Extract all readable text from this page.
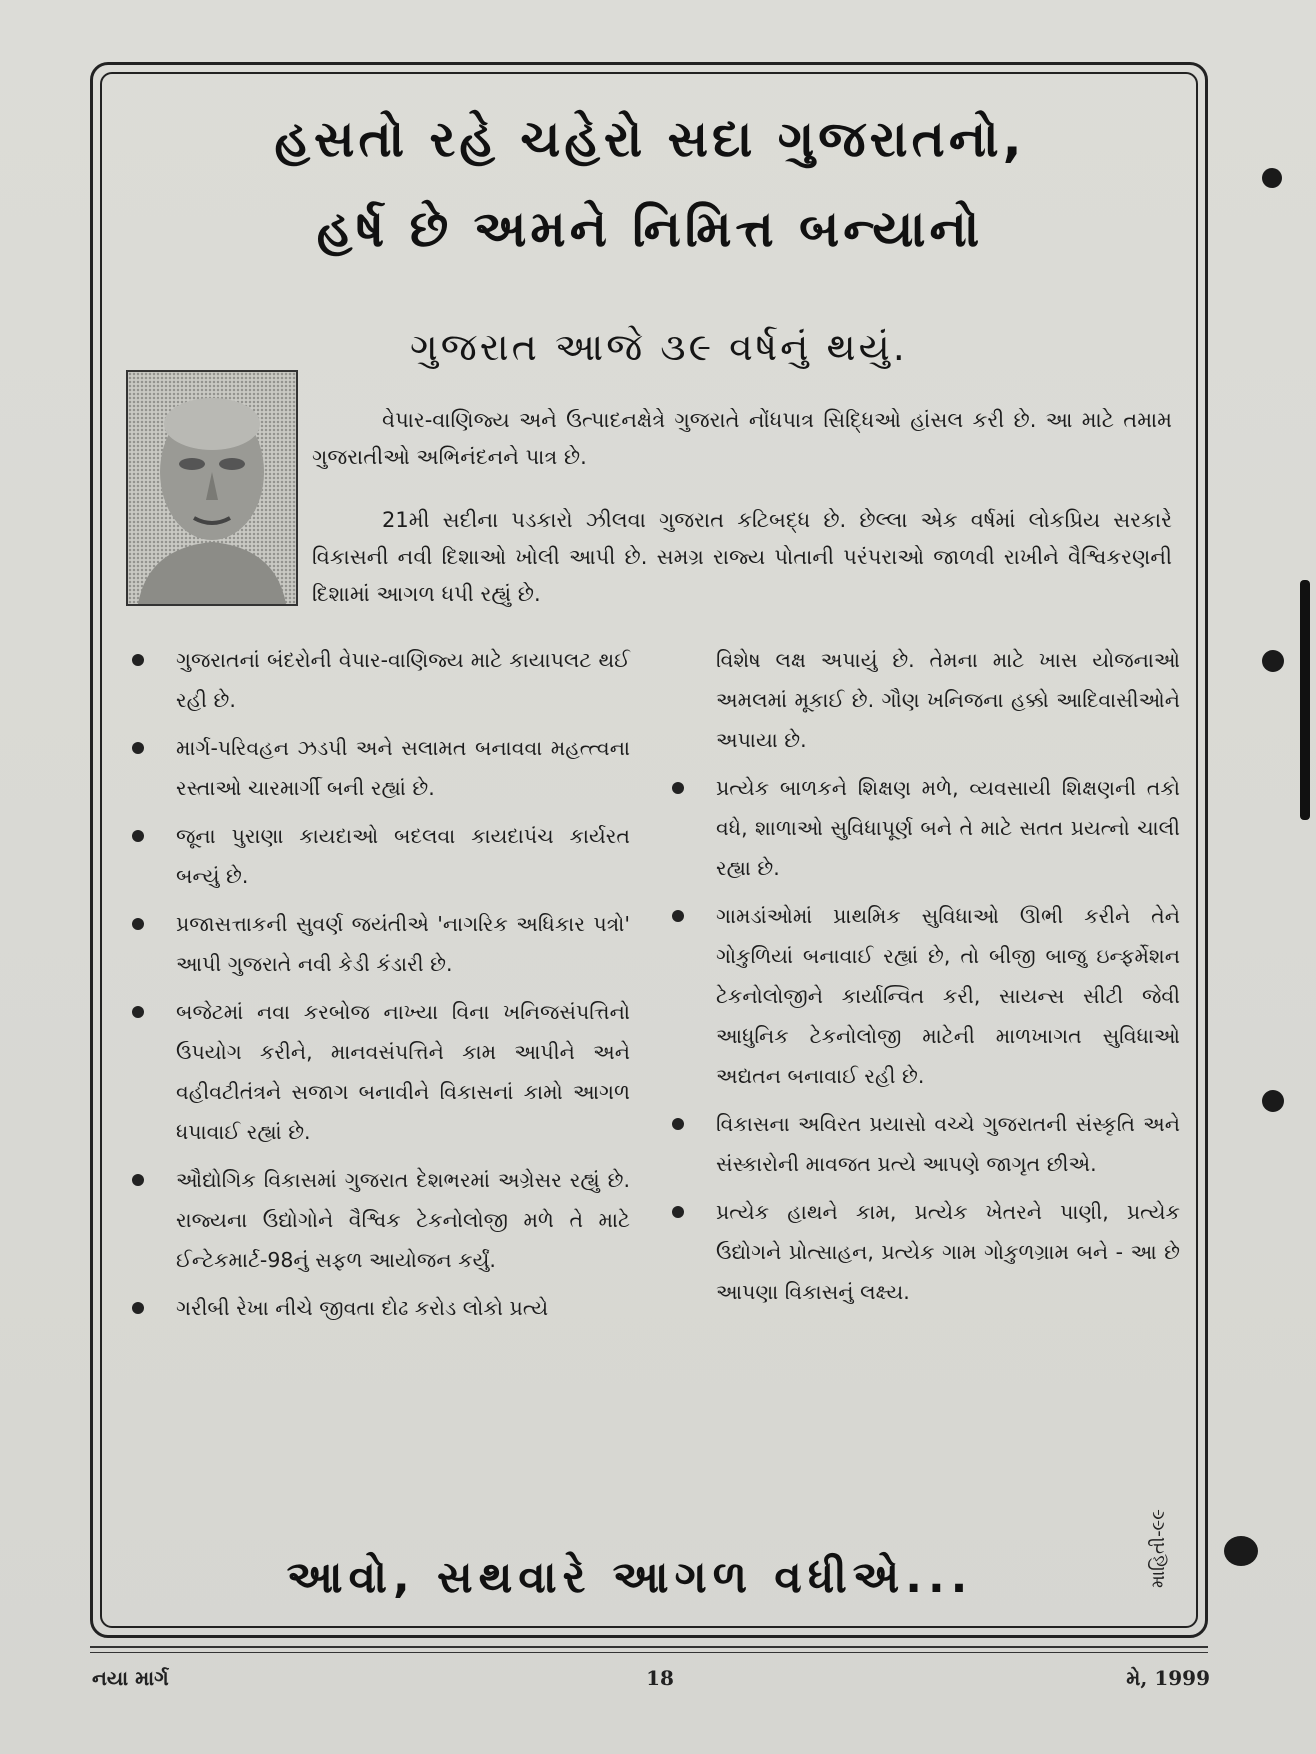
હસતો રહે ચહેરો સદા ગુજરાતનો,
હર્ષ છે અમને નિમિત્ત બન્યાનો
ગુજરાત આજે ૩૯ વર્ષનું થયું.

વેપાર-વાણિજ્ય અને ઉત્પાદનક્ષેત્રે ગુજરાતે નોંધપાત્ર સિદ્ધિઓ હાંસલ કરી છે. આ માટે તમામ ગુજરાતીઓ અભિનંદનને પાત્ર છે.

21મી સદીના પડકારો ઝીલવા ગુજરાત કટિબદ્ધ છે. છેલ્લા એક વર્ષમાં લોકપ્રિય સરકારે વિકાસની નવી દિશાઓ ખોલી આપી છે. સમગ્ર રાજ્ય પોતાની પરંપરાઓ જાળવી રાખીને વૈશ્વિકરણની દિશામાં આગળ ધપી રહ્યું છે.

ગુજરાતનાં બંદરોની વેપાર-વાણિજ્ય માટે કાયાપલટ થઈ રહી છે.
માર્ગ-પરિવહન ઝડપી અને સલામત બનાવવા મહત્ત્વના રસ્તાઓ ચારમાર્ગી બની રહ્યાં છે.
જૂના પુરાણા કાયદાઓ બદલવા કાયદાપંચ કાર્યરત બન્યું છે.
પ્રજાસત્તાકની સુવર્ણ જયંતીએ 'નાગરિક અધિકાર પત્રો' આપી ગુજરાતે નવી કેડી કંડારી છે.
બજેટમાં નવા કરબોજ નાખ્યા વિના ખનિજસંપત્તિનો ઉપયોગ કરીને, માનવસંપત્તિને કામ આપીને અને વહીવટીતંત્રને સજાગ બનાવીને વિકાસનાં કામો આગળ ધપાવાઈ રહ્યાં છે.
ઔદ્યોગિક વિકાસમાં ગુજરાત દેશભરમાં અગ્રેસર રહ્યું છે. રાજ્યના ઉદ્યોગોને વૈશ્વિક ટેકનોલોજી મળે તે માટે ઈન્ટેકમાર્ટ-98નું સફળ આયોજન કર્યું.
ગરીબી રેખા નીચે જીવતા દોઢ કરોડ લોકો પ્રત્યે
વિશેષ લક્ષ અપાયું છે. તેમના માટે ખાસ યોજનાઓ અમલમાં મૂકાઈ છે. ગૌણ ખનિજના હક્કો આદિવાસીઓને અપાયા છે.
પ્રત્યેક બાળકને શિક્ષણ મળે, વ્યવસાયી શિક્ષણની તકો વધે, શાળાઓ સુવિધાપૂર્ણ બને તે માટે સતત પ્રયત્નો ચાલી રહ્યા છે.
ગામડાંઓમાં પ્રાથમિક સુવિધાઓ ઊભી કરીને તેને ગોકુળિયાં બનાવાઈ રહ્યાં છે, તો બીજી બાજુ ઇન્ફર્મેશન ટેકનોલોજીને કાર્યાન્વિત કરી, સાયન્સ સીટી જેવી આધુનિક ટેકનોલોજી માટેની માળખાગત સુવિધાઓ અદ્યતન બનાવાઈ રહી છે.
વિકાસના અવિરત પ્રયાસો વચ્ચે ગુજરાતની સંસ્કૃતિ અને સંસ્કારોની માવજત પ્રત્યે આપણે જાગૃત છીએ.
પ્રત્યેક હાથને કામ, પ્રત્યેક ખેતરને પાણી, પ્રત્યેક ઉદ્યોગને પ્રોત્સાહન, પ્રત્યેક ગામ ગોકુળગ્રામ બને - આ છે આપણા વિકાસનું લક્ષ્ય.
આવો, સથવારે આગળ વધીએ...	માહિતી-૯૯
નયા માર્ગ	18	મે, 1999
